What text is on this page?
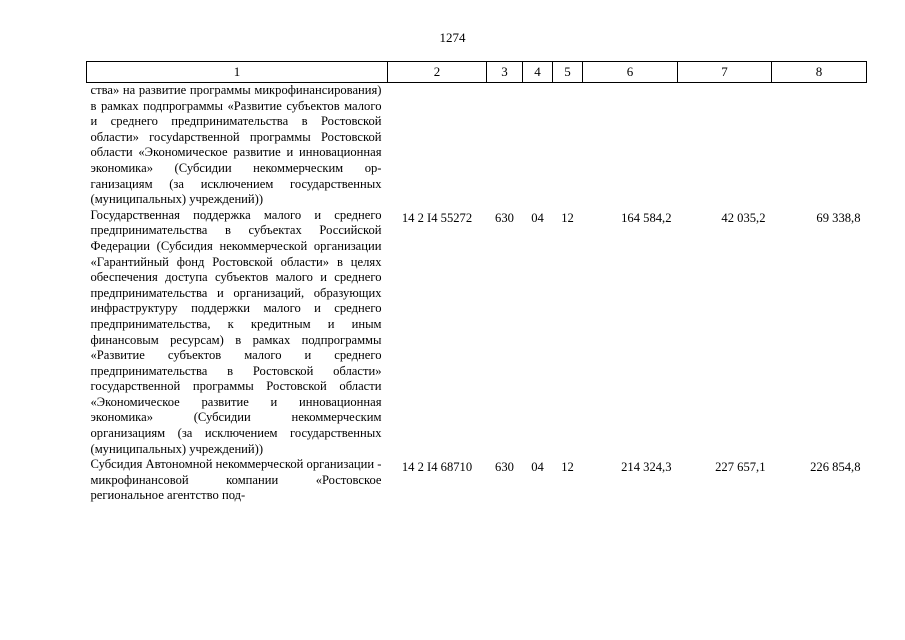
1274
1	2	3	4	5	6	7	8
ства» на развитие программы микрофинансирования) в рамках подпрограммы «Развитие субъектов малого и среднего предпринимательства в Ростовской области» госуdарственной программы Ростовской области «Экономическое развитие и инновационная экономика» (Субсидии некоммерческим организациям (за исключением государственных (муниципальных) учреждений))							
Государственная поддержка малого и среднего предпринимательства в субъектах Российской Федерации (Субсидия некоммерческой организации «Гарантийный фонд Ростовской области» в целях обеспечения доступа субъектов малого и среднего предпринимательства и организаций, образующих инфраструктуру поддержки малого и среднего предпринимательства, к кредитным и иным финансовым ресурсам) в рамках подпрограммы «Развитие субъектов малого и среднего предпринимательства в Ростовской области» государственной программы Ростовской области «Экономическое развитие и инновационная экономика» (Субсидии некоммерческим организациям (за исключением государственных (муниципальных) учреждений))	14 2 I4 55272	630	04	12	164 584,2	42 035,2	69 338,8
Субсидия Автономной некоммерческой организации - микрофинансовой компании «Ростовское региональное агентство под-	14 2 I4 68710	630	04	12	214 324,3	227 657,1	226 854,8
